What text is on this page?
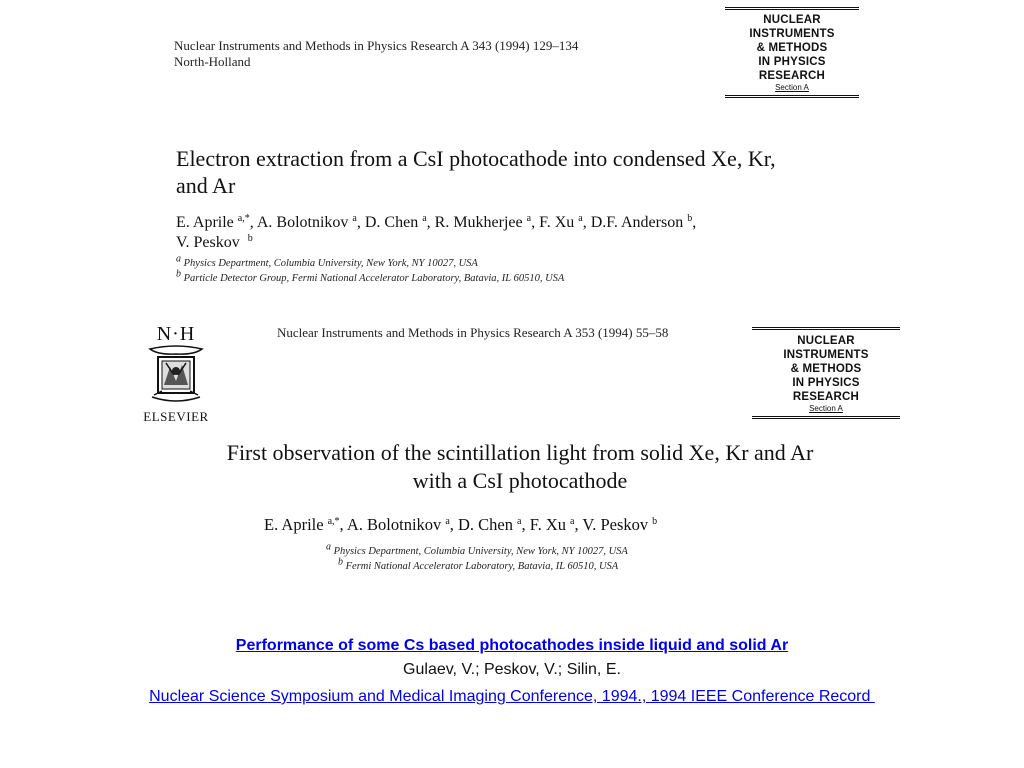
Nuclear Instruments and Methods in Physics Research A 343 (1994) 129–134
North-Holland
NUCLEAR
INSTRUMENTS
& METHODS
IN PHYSICS
RESEARCH
Section A
Electron extraction from a CsI photocathode into condensed Xe, Kr,
and Ar
E. Aprile $^{a,*}$, A. Bolotnikov $^a$, D. Chen $^a$, R. Mukherjee $^a$, F. Xu $^a$, D.F. Anderson $^b$,
V. Peskov $^b$
$^a$ Physics Department, Columbia University, New York, NY 10027, USA
$^b$ Particle Detector Group, Fermi National Accelerator Laboratory, Batavia, IL 60510, USA
N·H
ELSEVIER
Nuclear Instruments and Methods in Physics Research A 353 (1994) 55–58
NUCLEAR
INSTRUMENTS
& METHODS
IN PHYSICS
RESEARCH
Section A
First observation of the scintillation light from solid Xe, Kr and Ar
with a CsI photocathode
E. Aprile $^{a,*}$, A. Bolotnikov $^a$, D. Chen $^a$, F. Xu $^a$, V. Peskov $^b$
$^a$ Physics Department, Columbia University, New York, NY 10027, USA
$^b$ Fermi National Accelerator Laboratory, Batavia, IL 60510, USA
Performance of some Cs based photocathodes inside liquid and solid Ar
Gulaev, V.; Peskov, V.; Silin, E.
Nuclear Science Symposium and Medical Imaging Conference, 1994., 1994 IEEE Conference Record
